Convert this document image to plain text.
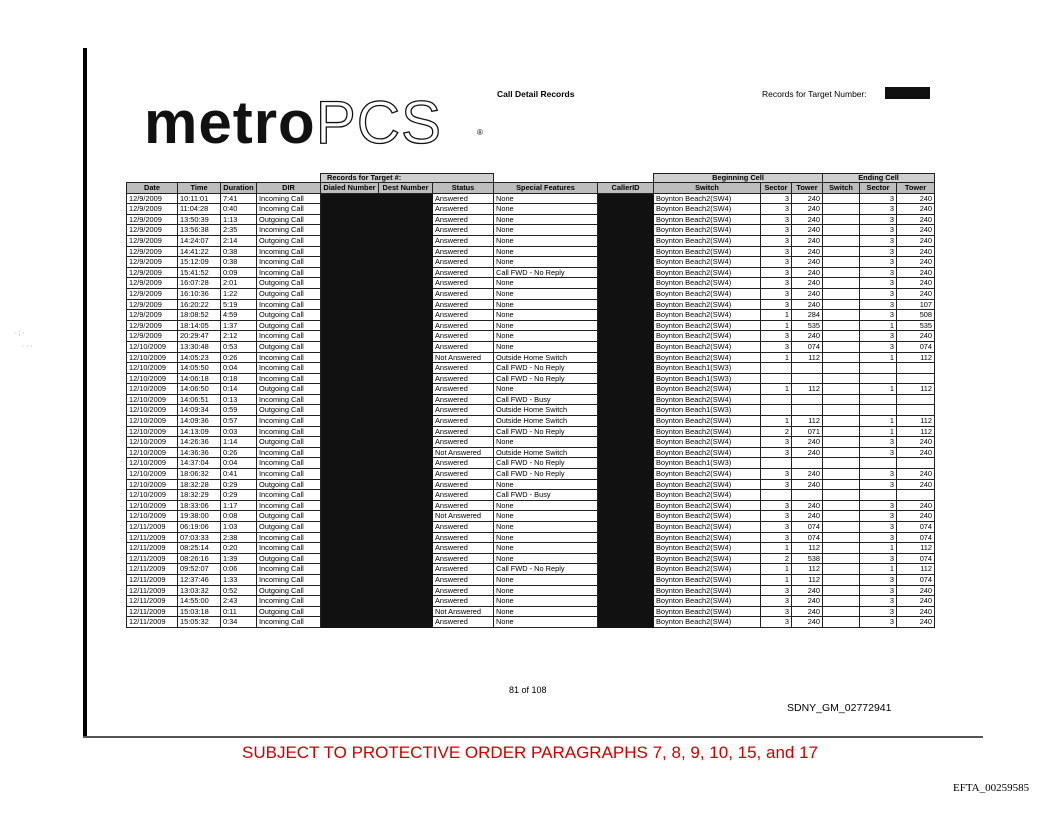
metroPCS	®
Call Detail Records	Records for Target Number:
· ; ·
· · ·
				Records for Target #:					Beginning Cell			Ending Cell		
Date	Time	Duration	DIR	Dialed Number	Dest Number	Status	Special Features	CallerID	Switch	Sector	Tower	Switch	Sector	Tower
12/9/2009	10:11:01	7:41	Incoming Call			Answered	None		Boynton Beach2(SW4)	3	240		3	240
12/9/2009	11:04:28	0:40	Incoming Call			Answered	None		Boynton Beach2(SW4)	3	240		3	240
12/9/2009	13:50:39	1:13	Outgoing Call			Answered	None		Boynton Beach2(SW4)	3	240		3	240
12/9/2009	13:56:38	2:35	Incoming Call			Answered	None		Boynton Beach2(SW4)	3	240		3	240
12/9/2009	14:24:07	2:14	Outgoing Call			Answered	None		Boynton Beach2(SW4)	3	240		3	240
12/9/2009	14:41:22	0:38	Incoming Call			Answered	None		Boynton Beach2(SW4)	3	240		3	240
12/9/2009	15:12:09	0:38	Incoming Call			Answered	None		Boynton Beach2(SW4)	3	240		3	240
12/9/2009	15:41:52	0:09	Incoming Call			Answered	Call FWD - No Reply		Boynton Beach2(SW4)	3	240		3	240
12/9/2009	16:07:28	2:01	Outgoing Call			Answered	None		Boynton Beach2(SW4)	3	240		3	240
12/9/2009	16:10:36	1:22	Outgoing Call			Answered	None		Boynton Beach2(SW4)	3	240		3	240
12/9/2009	16:20:22	5:19	Incoming Call			Answered	None		Boynton Beach2(SW4)	3	240		3	107
12/9/2009	18:08:52	4:59	Outgoing Call			Answered	None		Boynton Beach2(SW4)	1	284		3	508
12/9/2009	18:14:05	1:37	Outgoing Call			Answered	None		Boynton Beach2(SW4)	1	535		1	535
12/9/2009	20:29:47	2:12	Incoming Call			Answered	None		Boynton Beach2(SW4)	3	240		3	240
12/10/2009	13:30:48	0:53	Outgoing Call			Answered	None		Boynton Beach2(SW4)	3	074		3	074
12/10/2009	14:05:23	0:26	Incoming Call			Not Answered	Outside Home Switch		Boynton Beach2(SW4)	1	112		1	112
12/10/2009	14:05:50	0:04	Incoming Call			Answered	Call FWD - No Reply		Boynton Beach1(SW3)					
12/10/2009	14:06:18	0:18	Incoming Call			Answered	Call FWD - No Reply		Boynton Beach1(SW3)					
12/10/2009	14:06:50	0:14	Outgoing Call			Answered	None		Boynton Beach2(SW4)	1	112		1	112
12/10/2009	14:06:51	0:13	Incoming Call			Answered	Call FWD - Busy		Boynton Beach2(SW4)					
12/10/2009	14:09:34	0:59	Outgoing Call			Answered	Outside Home Switch		Boynton Beach1(SW3)					
12/10/2009	14:09:36	0:57	Incoming Call			Answered	Outside Home Switch		Boynton Beach2(SW4)	1	112		1	112
12/10/2009	14:13:09	0:03	Incoming Call			Answered	Call FWD - No Reply		Boynton Beach2(SW4)	2	071		1	112
12/10/2009	14:26:36	1:14	Outgoing Call			Answered	None		Boynton Beach2(SW4)	3	240		3	240
12/10/2009	14:36:36	0:26	Incoming Call			Not Answered	Outside Home Switch		Boynton Beach2(SW4)	3	240		3	240
12/10/2009	14:37:04	0:04	Incoming Call			Answered	Call FWD - No Reply		Boynton Beach1(SW3)					
12/10/2009	18:06:32	0:41	Incoming Call			Answered	Call FWD - No Reply		Boynton Beach2(SW4)	3	240		3	240
12/10/2009	18:32:28	0:29	Outgoing Call			Answered	None		Boynton Beach2(SW4)	3	240		3	240
12/10/2009	18:32:29	0:29	Incoming Call			Answered	Call FWD - Busy		Boynton Beach2(SW4)					
12/10/2009	18:33:06	1:17	Incoming Call			Answered	None		Boynton Beach2(SW4)	3	240		3	240
12/10/2009	19:38:00	0:08	Outgoing Call			Not Answered	None		Boynton Beach2(SW4)	3	240		3	240
12/11/2009	06:19:06	1:03	Outgoing Call			Answered	None		Boynton Beach2(SW4)	3	074		3	074
12/11/2009	07:03:33	2:38	Incoming Call			Answered	None		Boynton Beach2(SW4)	3	074		3	074
12/11/2009	08:25:14	0:20	Incoming Call			Answered	None		Boynton Beach2(SW4)	1	112		1	112
12/11/2009	08:26:16	1:39	Outgoing Call			Answered	None		Boynton Beach2(SW4)	2	538		3	074
12/11/2009	09:52:07	0:06	Incoming Call			Answered	Call FWD - No Reply		Boynton Beach2(SW4)	1	112		1	112
12/11/2009	12:37:46	1:33	Incoming Call			Answered	None		Boynton Beach2(SW4)	1	112		3	074
12/11/2009	13:03:32	0:52	Outgoing Call			Answered	None		Boynton Beach2(SW4)	3	240		3	240
12/11/2009	14:55:00	2:43	Incoming Call			Answered	None		Boynton Beach2(SW4)	3	240		3	240
12/11/2009	15:03:18	0:11	Outgoing Call			Not Answered	None		Boynton Beach2(SW4)	3	240		3	240
12/11/2009	15:05:32	0:34	Incoming Call			Answered	None		Boynton Beach2(SW4)	3	240		3	240
81 of 108
SDNY_GM_02772941
SUBJECT TO PROTECTIVE ORDER PARAGRAPHS 7, 8, 9, 10, 15, and 17
EFTA_00259585
